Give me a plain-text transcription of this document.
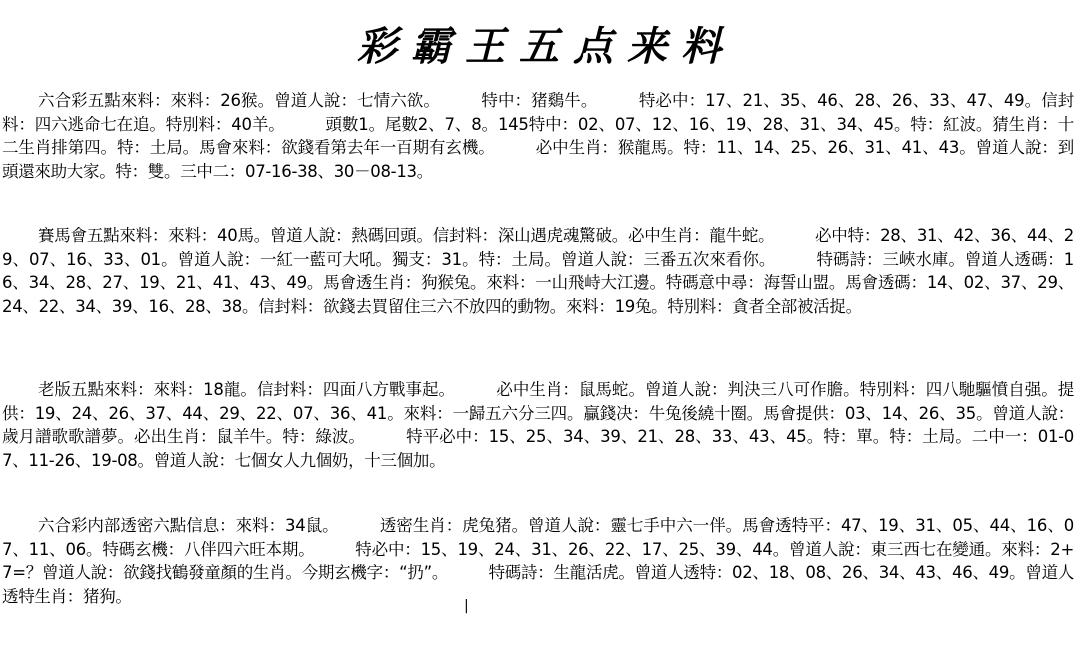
彩霸王五点来料
六合彩五點來料：來料：26猴。曾道人說：七情六欲。　　　特中：猪鷄牛。　　　特必中：17、21、35、46、28、26、33、47、49。信封料：四六逃命七在追。特別料：40羊。　　　頭數1。尾數2、7、8。145特中：02、07、12、16、19、28、31、34、45。特：紅波。猜生肖：十二生肖排第四。特：土局。馬會來料：欲錢看第去年一百期有玄機。　　　必中生肖：猴龍馬。特：11、14、25、26、31、41、43。曾道人說：到頭還來助大家。特：雙。三中二：07-16-38、30－08-13。
賽馬會五點來料：來料：40馬。曾道人說：熱碼回頭。信封料：深山遇虎魂驚破。必中生肖：龍牛蛇。　　　必中特：28、31、42、36、44、29、07、16、33、01。曾道人說：一紅一藍可大吼。獨支：31。特：土局。曾道人說：三番五次來看你。　　　特碼詩：三峽水庫。曾道人透碼：16、34、28、27、19、21、41、43、49。馬會透生肖：狗猴兔。來料：一山飛峙大江邊。特碼意中尋：海誓山盟。馬會透碼：14、02、37、29、24、22、34、39、16、28、38。信封料：欲錢去買留住三六不放四的動物。來料：19兔。特別料：貪者全部被活捉。
老版五點來料：來料：18龍。信封料：四面八方戰事起。　　　必中生肖：鼠馬蛇。曾道人說：判決三八可作膽。特別料：四八馳驅憤自强。提供：19、24、26、37、44、29、22、07、36、41。來料：一歸五六分三四。贏錢决：牛兔後繞十圈。馬會提供：03、14、26、35。曾道人說：歲月譜歌歌譜夢。必出生肖：鼠羊牛。特：綠波。　　　特平必中：15、25、34、39、21、28、33、43、45。特：單。特：土局。二中一：01-07、11-26、19-08。曾道人說：七個女人九個奶，十三個加。
六合彩内部透密六點信息：來料：34鼠。　　　透密生肖：虎兔猪。曾道人說：靈七手中六一伴。馬會透特平：47、19、31、05、44、16、07、11、06。特碼玄機：八伴四六旺本期。　　　特必中：15、19、24、31、26、22、17、25、39、44。曾道人說：東三西七在變通。來料：2+7=？曾道人說：欲錢找鶴發童顏的生肖。今期玄機字：“扔”。　　　特碼詩：生龍活虎。曾道人透特：02、18、08、26、34、43、46、49。曾道人透特生肖：猪狗。
|
